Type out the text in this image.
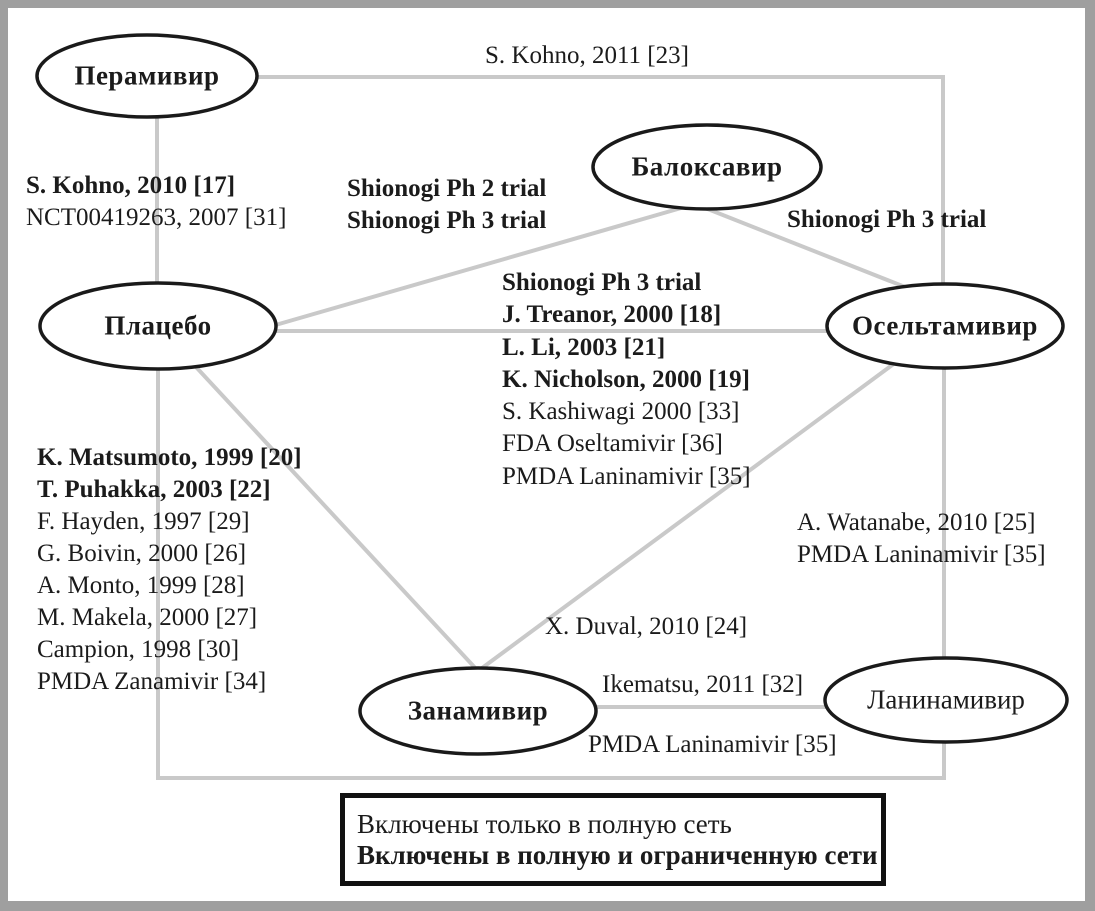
Перамивир
Балоксавир
Плацебо	Осельтамивир
Занамивир	Ланинамивир
S. Kohno, 2011 [23]
S. Kohno, 2010 [17]
NCT00419263, 2007 [31]
Shionogi Ph 2 trial
Shionogi Ph 3 trial	Shionogi Ph 3 trial
Shionogi Ph 3 trial
J. Treanor, 2000 [18]
L. Li, 2003 [21]
K. Nicholson, 2000 [19]
S. Kashiwagi 2000 [33]
FDA Oseltamivir [36]
PMDA Laninamivir [35]
K. Matsumoto, 1999 [20]
T. Puhakka, 2003 [22]
F. Hayden, 1997 [29]
G. Boivin, 2000 [26]
A. Monto, 1999 [28]
M. Makela, 2000 [27]
Campion, 1998 [30]
PMDA Zanamivir [34]
A. Watanabe, 2010 [25]
PMDA Laninamivir [35]
X. Duval, 2010 [24]
Ikematsu, 2011 [32]
PMDA Laninamivir [35]
Включены только в полную сеть
Включены в полную и ограниченную сети
